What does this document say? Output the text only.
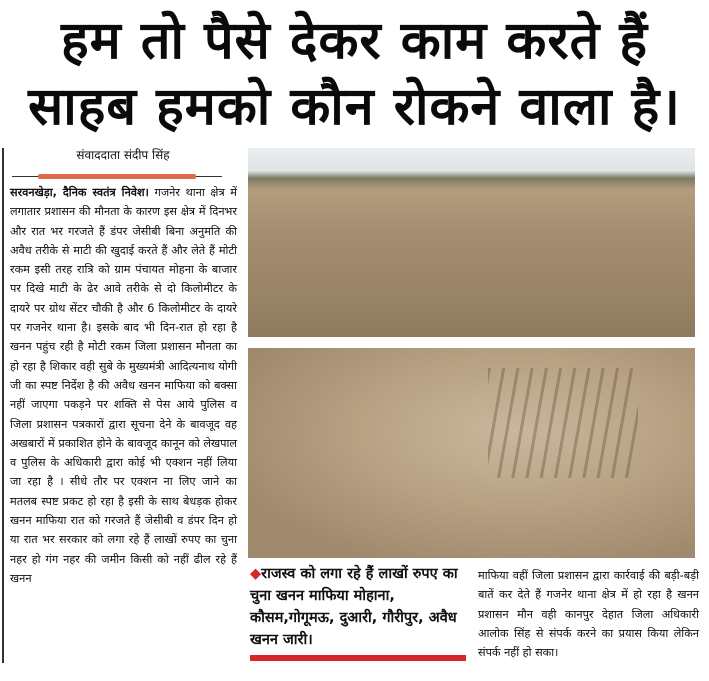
हम तो पैसे देकर काम करते हैं
साहब हमको कौन रोकने वाला है।
संवाददाता संदीप सिंह
सरवनखेड़ा, दैनिक स्वतंत्र निवेश। गजनेर थाना क्षेत्र में लगातार प्रशासन की मौनता के कारण इस क्षेत्र में दिनभर और रात भर गरजते हैं डंपर जेसीबी बिना अनुमति की अवैध तरीके से माटी की खुदाई करते हैं और लेते हैं मोटी रकम इसी तरह रात्रि को ग्राम पंचायत मोहना के बाजार पर दिखे माटी के ढेर आवे तरीके से दो किलोमीटर के दायरे पर ग्रोथ सेंटर चौकी है और 6 किलोमीटर के दायरे पर गजनेर थाना है। इसके बाद भी दिन-रात हो रहा है खनन पहुंच रही है मोटी रकम जिला प्रशासन मौनता का हो रहा है शिकार वही सुबे के मुख्यमंत्री आदित्यनाथ योगी जी का स्पष्ट निर्देश है की अवैध खनन माफिया को बक्सा नहीं जाएगा पकड़ने पर शक्ति से पेस आये पुलिस व जिला प्रशासन पत्रकारों द्वारा सूचना देने के बावजूद वह अखबारों में प्रकाशित होने के बावजूद कानून को लेखपाल व पुलिस के अधिकारी द्वारा कोई भी एक्शन नहीं लिया जा रहा है । सीधे तौर पर एक्शन ना लिए जाने का मतलब स्पष्ट प्रकट हो रहा है इसी के साथ बेधड़क होकर खनन माफिया रात को गरजते हैं जेसीबी व डंपर दिन हो या रात भर सरकार को लगा रहे हैं लाखों रुपए का चुना नहर हो गंग नहर की जमीन किसी को नहीं ढील रहे हैं खनन	◆राजस्व को लगा रहे हैं लाखों रुपए का चुना खनन माफिया मोहाना, कौसम,गोगूमऊ, दुआरी, गौरीपुर, अवैध खनन जारी।
माफिया वहीं जिला प्रशासन द्वारा कार्रवाई की बड़ी-बड़ी बातें कर देते हैं गजनेर थाना क्षेत्र में हो रहा है खनन प्रशासन मौन वही कानपुर देहात जिला अधिकारी आलोक सिंह से संपर्क करने का प्रयास किया लेकिन संपर्क नहीं हो सका।
